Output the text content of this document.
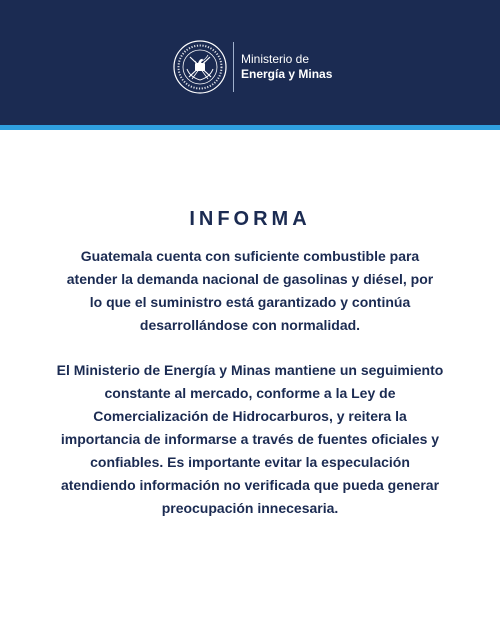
Ministerio de
Energía y Minas
INFORMA
Guatemala cuenta con suficiente combustible para atender la demanda nacional de gasolinas y diésel, por lo que el suministro está garantizado y continúa desarrollándose con normalidad.
El Ministerio de Energía y Minas mantiene un seguimiento constante al mercado, conforme a la Ley de Comercialización de Hidrocarburos, y reitera la importancia de informarse a través de fuentes oficiales y confiables. Es importante evitar la especulación atendiendo información no verificada que pueda generar preocupación innecesaria.
